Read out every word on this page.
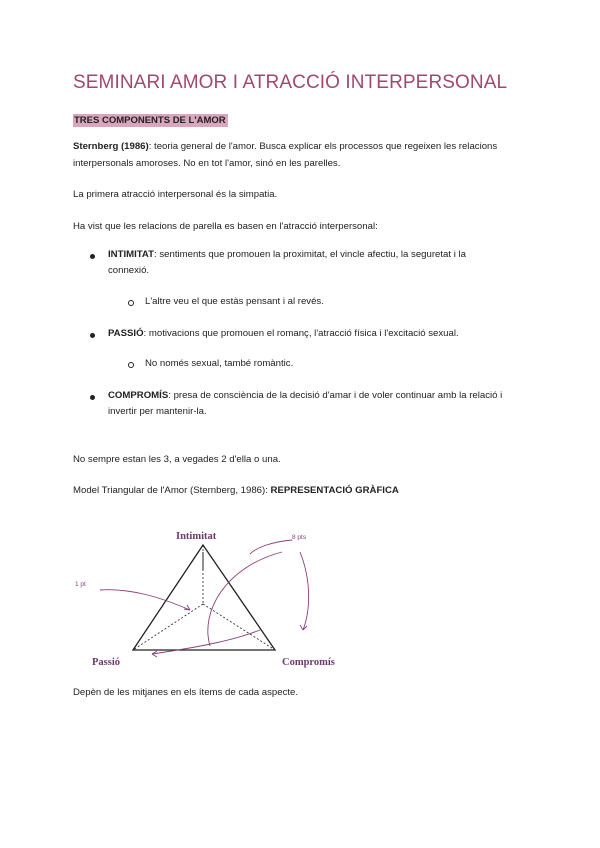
SEMINARI AMOR I ATRACCIÓ INTERPERSONAL
TRES COMPONENTS DE L'AMOR
Sternberg (1986): teoria general de l'amor. Busca explicar els processos que regeixen les relacions
interpersonals amoroses. No en tot l'amor, sinó en les parelles.
La primera atracció interpersonal és la simpatia.
Ha vist que les relacions de parella es basen en l'atracció interpersonal:
INTIMITAT: sentiments que promouen la proximitat, el vincle afectiu, la seguretat i la
connexió.
L'altre veu el que estàs pensant i al revés.
PASSIÓ: motivacions que promouen el romanç, l'atracció física i l'excitació sexual.
No només sexual, també romàntic.
COMPROMÍS: presa de consciència de la decisió d'amar i de voler continuar amb la relació i
invertir per mantenir-la.
No sempre estan les 3, a vegades 2 d'ella o una.
Model Triangular de l'Amor (Sternberg, 1986): REPRESENTACIÓ GRÀFICA
Intimitat
Passió	Compromís
1 pt
8 pts
Depèn de les mitjanes en els ítems de cada aspecte.
